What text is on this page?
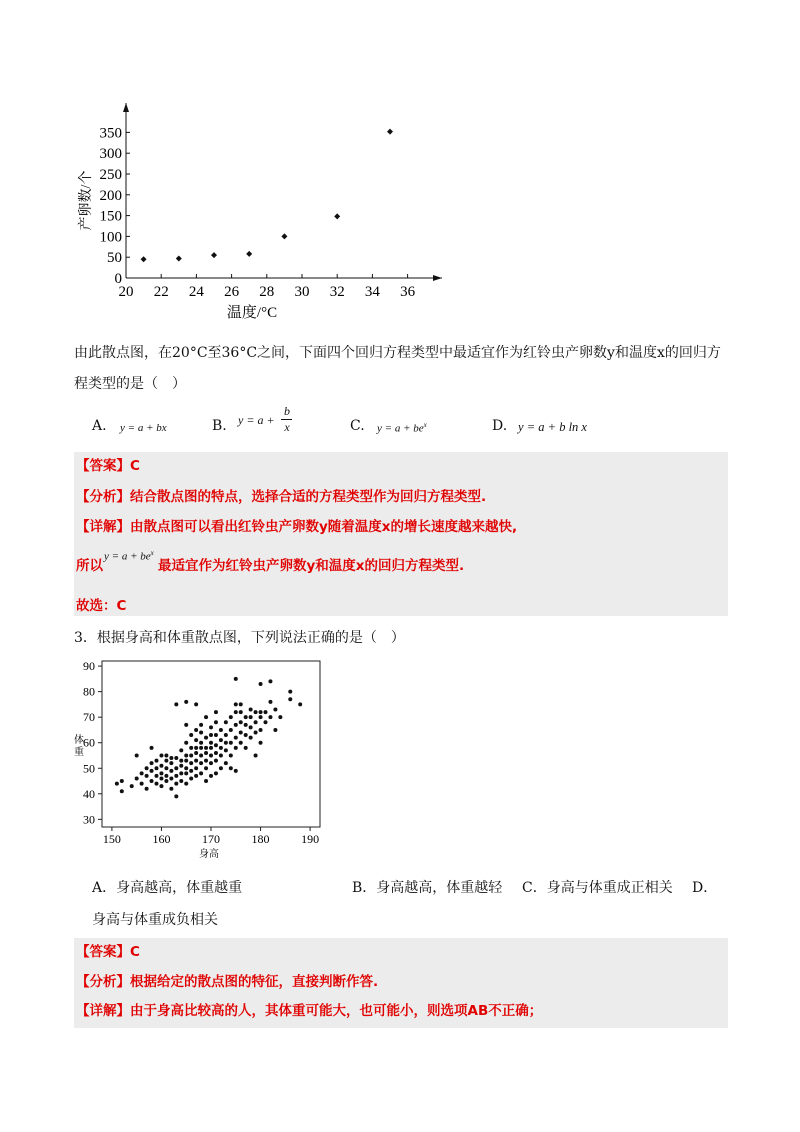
20 22 24 26 28 30 32 34 36
0
50
100
150
200
250
300
350
温度/°C
产卵数/个
由此散点图，在20°C至36°C之间，下面四个回归方程类型中最适宜作为红铃虫产卵数y和温度x的回归方
程类型的是（　）
A. y = a + bx	B. y = a +
b
x	C. $y = a + be^x$	D. y = a + b ln x
【答案】C
【分析】结合散点图的特点，选择合适的方程类型作为回归方程类型.
【详解】由散点图可以看出红铃虫产卵数y随着温度x的增长速度越来越快,
所以
$y = a + be^x$
最适宜作为红铃虫产卵数y和温度x的回归方程类型.
故选：C
3．根据身高和体重散点图，下列说法正确的是（　）
150	160	170	180	190
30
40
50
60
70
80
90
身高
体
重
A．身高越高，体重越重	B．身高越高，体重越轻 C．身高与体重成正相关 D．
身高与体重成负相关
【答案】C
【分析】根据给定的散点图的特征，直接判断作答.
【详解】由于身高比较高的人，其体重可能大，也可能小，则选项AB不正确；
